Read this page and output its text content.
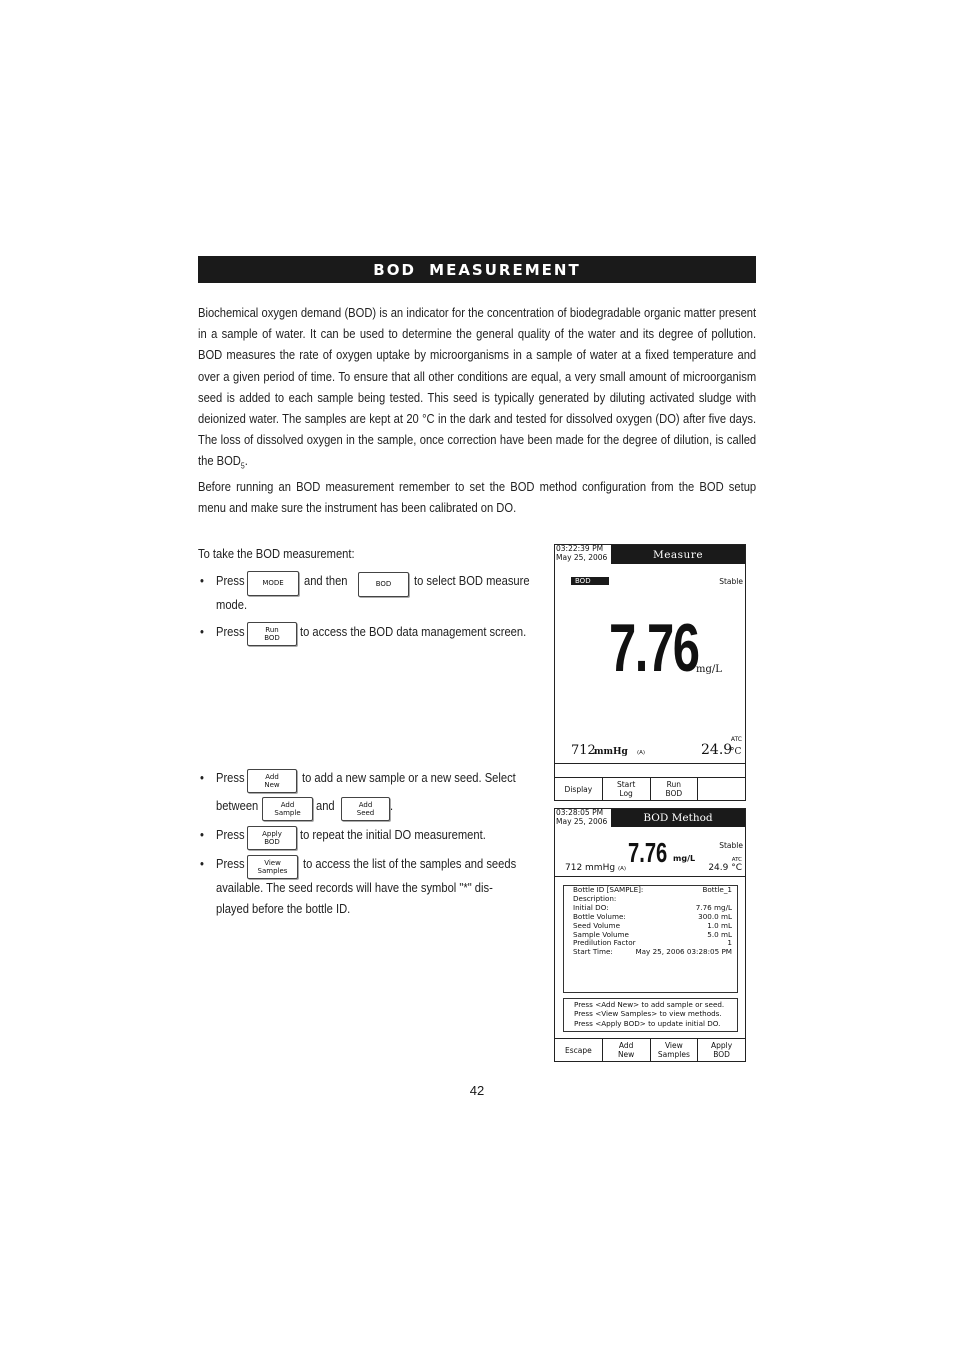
BOD MEASUREMENT
Biochemical oxygen demand (BOD) is an indicator for the concentration of biodegradable organic matter present in a sample of water. It can be used to determine the general quality of the water and its degree of pollution. BOD measures the rate of oxygen uptake by microorganisms in a sample of water at a fixed temperature and over a given period of time. To ensure that all other conditions are equal, a very small amount of microorganism seed is added to each sample being tested. This seed is typically generated by diluting activated sludge with deionized water. The samples are kept at 20 °C in the dark and tested for dissolved oxygen (DO) after five days. The loss of dissolved oxygen in the sample, once correction have been made for the degree of dilution, is called the $BOD_5$.
Before running an BOD measurement remember to set the BOD method configuration from the BOD setup menu and make sure the instrument has been calibrated on DO.
To take the BOD measurement:
• Press	MODE and then	BOD to select BOD measure
mode.
• Press	Run
BOD to access the BOD data management screen.
• Press	Add
New to add a new sample or a new seed. Select
between	Add
Sample and	Add
Seed .
• Press	Apply
BOD to repeat the initial DO measurement.
• Press	View
Samples to access the list of the samples and seeds
available. The seed records will have the symbol "*" dis-
played before the bottle ID.
03:22:39 PM
May 25, 2006	Measure
BOD	Stable
7.76
mg/L
ATC
712
mmHg (A)	24.9
°C
Display	Start
Log
Run
BOD
03:28:05 PM
May 25, 2006	BOD Method
Stable
7.76 mg/L	ATC
712 mmHg (A)	24.9 °C
Bottle ID [SAMPLE]:	Bottle_1
Description:
Initial DO:	7.76 mg/L
Bottle Volume:	300.0 mL
Seed Volume	1.0 mL
Sample Volume	5.0 mL
Predilution Factor	1
Start Time:	May 25, 2006 03:28:05 PM
Press <Add New> to add sample or seed.
Press <View Samples> to view methods.
Press <Apply BOD> to update initial DO.
Escape	Add
New
View
Samples
Apply
BOD
42
